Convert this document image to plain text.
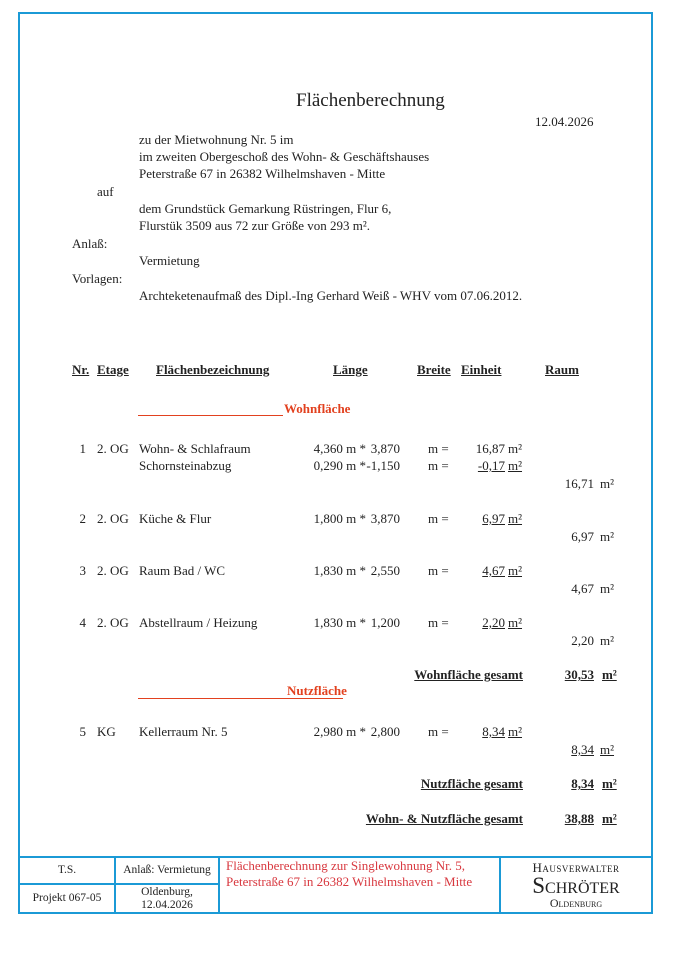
Flächenberechnung
12.04.2026
zu der Mietwohnung Nr. 5 im
im zweiten Obergeschoß des Wohn- & Geschäftshauses
Peterstraße 67 in 26382 Wilhelmshaven - Mitte
auf
dem Grundstück Gemarkung Rüstringen, Flur 6,
Flurstük 3509 aus 72 zur Größe von 293 m².
Anlaß:
Vermietung
Vorlagen:
Archteketenaufmaß des Dipl.-Ing Gerhard Weiß - WHV vom 07.06.2012.
Nr. Etage Flächenbezeichnung	Länge	Breite Einheit	Raum
Wohnfläche
Nutzfläche
1 2. OG Wohn- & Schlafraum	4,360 m * 3,870 m =	16,87 m²
Schornsteinabzug	0,290 m * -1,150 m =	-0,17 m²
16,71 m²
2 2. OG Küche & Flur	1,800 m * 3,870 m =	6,97 m²
6,97 m²
3 2. OG Raum Bad / WC	1,830 m * 2,550 m =	4,67 m²
4,67 m²
4 2. OG Abstellraum / Heizung	1,830 m * 1,200 m =	2,20 m²
2,20 m²
5 KG Kellerraum Nr. 5	2,980 m * 2,800 m =	8,34 m²
8,34 m²
Wohnfläche gesamt	30,53 m²
Nutzfläche gesamt	8,34 m²
Wohn- & Nutzfläche gesamt	38,88 m²
T.S.
Projekt 067-05
Anlaß: Vermietung
Oldenburg,
12.04.2026
Flächenberechnung zur Singlewohnung Nr. 5,
Peterstraße 67 in 26382 Wilhelmshaven - Mitte
Hausverwalter
Schröter
Oldenburg
